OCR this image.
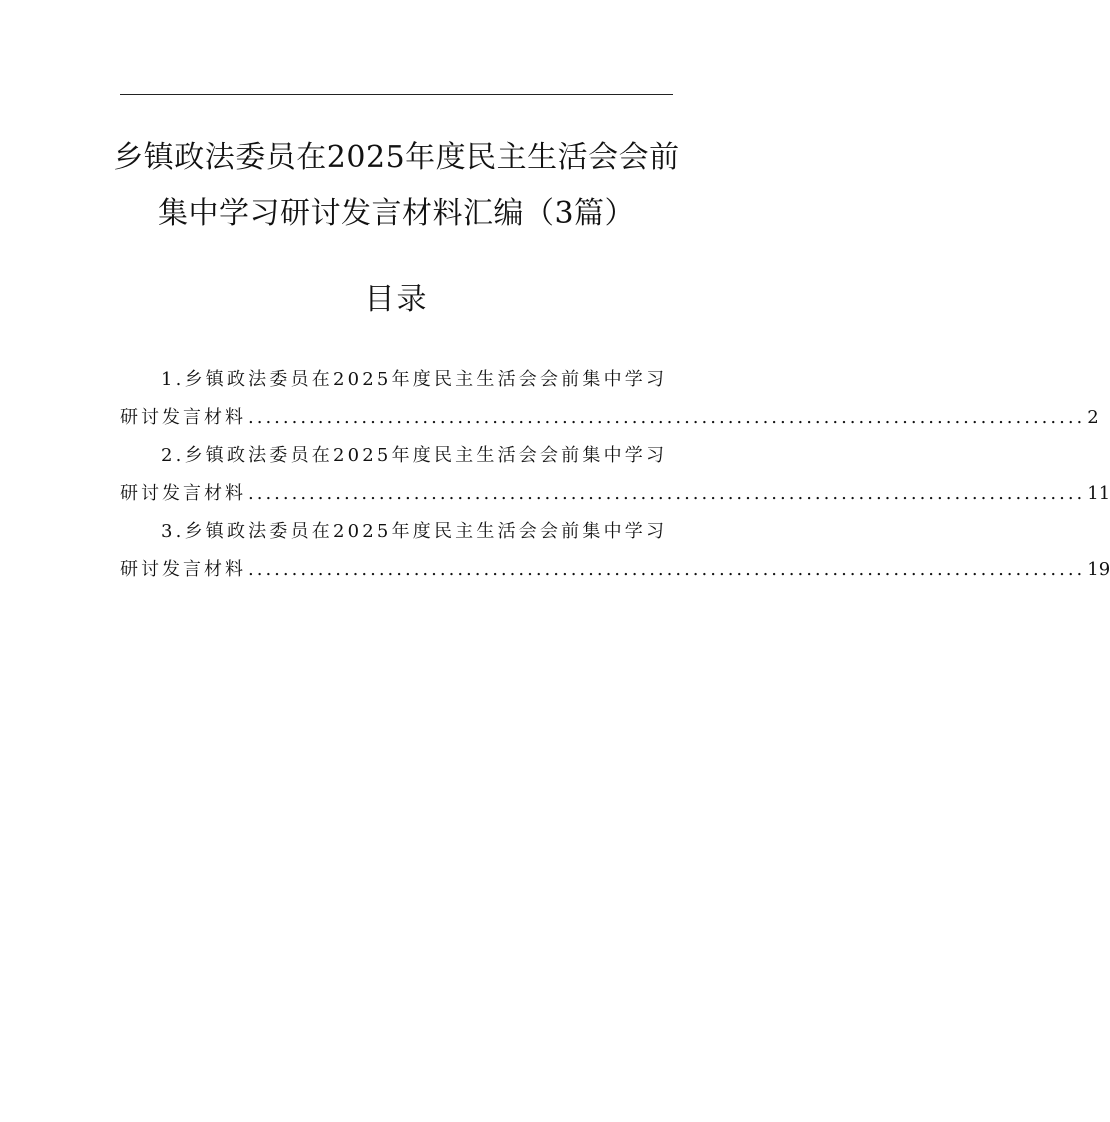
乡镇政法委员在2025年度民主生活会会前
集中学习研讨发言材料汇编（3篇）
目录
1.乡镇政法委员在2025年度民主生活会会前集中学习
研讨发言材料 ................................................................................................ 2
2.乡镇政法委员在2025年度民主生活会会前集中学习
研讨发言材料 ................................................................................................ 11
3.乡镇政法委员在2025年度民主生活会会前集中学习
研讨发言材料 ................................................................................................ 19
